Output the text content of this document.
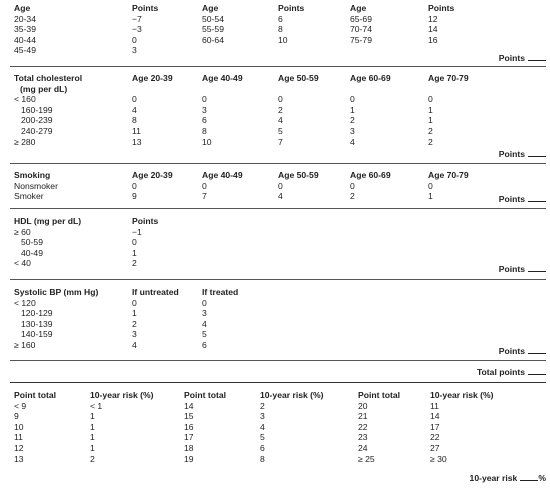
Age	Points	Age	Points	Age	Points
20-34	−7	50-54	6	65-69	12
35-39	−3	55-59	8	70-74	14
40-44	0	60-64	10	75-79	16
45-49	3
Points
Total cholesterol	Age 20-39	Age 40-49	Age 50-59	Age 60-69	Age 70-79
(mg per dL)
< 160	0	0	0	0	0
160-199	4	3	2	1	1
200-239	8	6	4	2	1
240-279	11	8	5	3	2
≥ 280	13	10	7	4	2
Points
Smoking	Age 20-39	Age 40-49	Age 50-59	Age 60-69	Age 70-79
Nonsmoker	0	0	0	0	0
Smoker	9	7	4	2	1	Points
HDL (mg per dL)	Points
≥ 60	−1
50-59	0
40-49	1
< 40	2
Points
Systolic BP (mm Hg)	If untreated	If treated
< 120	0	0
120-129	1	3
130-139	2	4
140-159	3	5
≥ 160	4	6
Points
Total points
Point total	10-year risk (%)	Point total	10-year risk (%)	Point total	10-year risk (%)
< 9	< 1	14	2	20	11
9	1	15	3	21	14
10	1	16	4	22	17
11	1	17	5	23	22
12	1	18	6	24	27
13	2	19	8	≥ 25	≥ 30
10-year risk %
